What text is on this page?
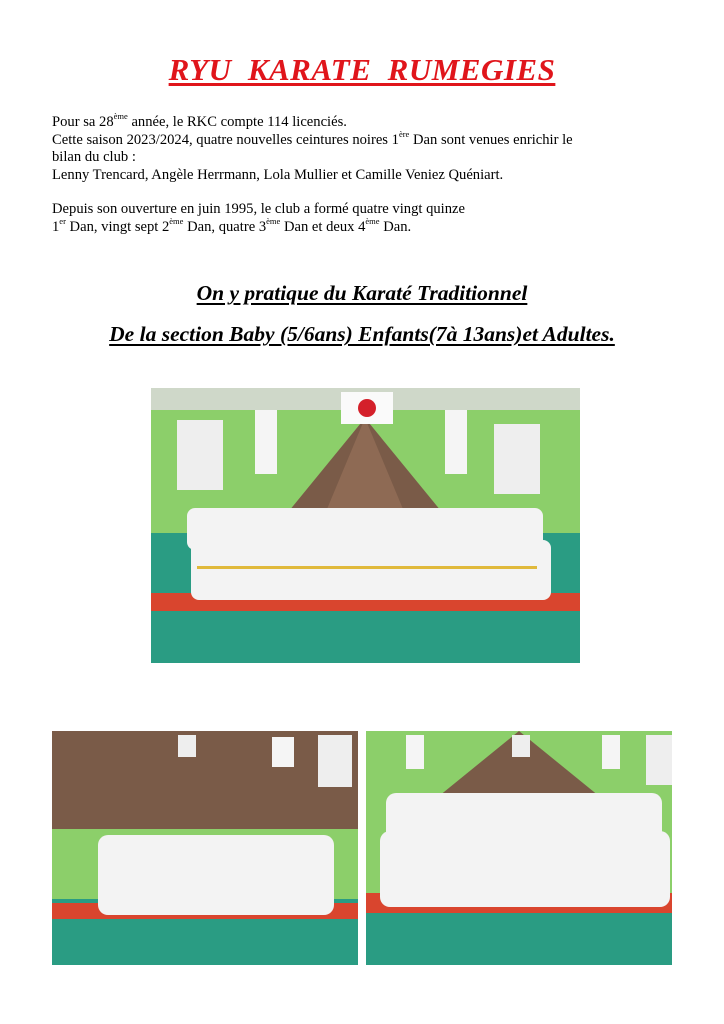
RYU KARATE RUMEGIES

Pour sa 28ème année, le RKC compte 114 licenciés.

Cette saison 2023/2024, quatre nouvelles ceintures noires 1ère Dan sont venues enrichir le

bilan du club :

Lenny Trencard, Angèle Herrmann, Lola Mullier et Camille Veniez Quéniart.

Depuis son ouverture en juin 1995, le club a formé quatre vingt quinze

1er Dan, vingt sept 2ème Dan, quatre 3ème Dan et deux 4ème Dan.

On y pratique du Karaté Traditionnel
De la section Baby (5/6ans) Enfants(7à 13ans)et Adultes.
